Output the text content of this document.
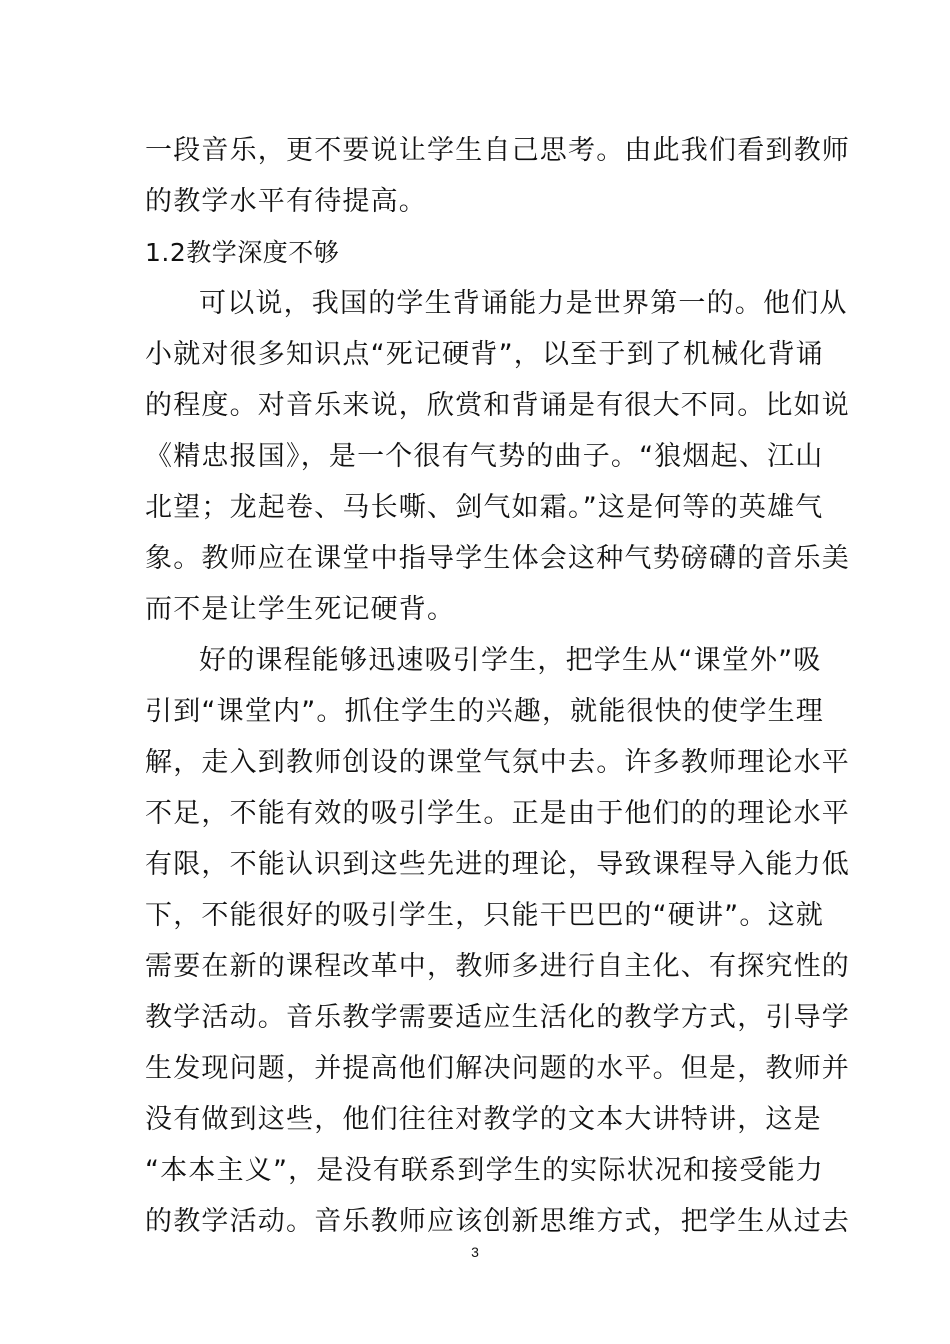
一段音乐，更不要说让学生自己思考。由此我们看到教师
的教学水平有待提高。
1.2教学深度不够
可以说，我国的学生背诵能力是世界第一的。他们从
小就对很多知识点“死记硬背”，以至于到了机械化背诵
的程度。对音乐来说，欣赏和背诵是有很大不同。比如说
《精忠报国》，是一个很有气势的曲子。“狼烟起、江山
北望；龙起卷、马长嘶、剑气如霜。”这是何等的英雄气
象。教师应在课堂中指导学生体会这种气势磅礴的音乐美
而不是让学生死记硬背。
好的课程能够迅速吸引学生，把学生从“课堂外”吸
引到“课堂内”。抓住学生的兴趣，就能很快的使学生理
解，走入到教师创设的课堂气氛中去。许多教师理论水平
不足，不能有效的吸引学生。正是由于他们的的理论水平
有限，不能认识到这些先进的理论，导致课程导入能力低
下，不能很好的吸引学生，只能干巴巴的“硬讲”。这就
需要在新的课程改革中，教师多进行自主化、有探究性的
教学活动。音乐教学需要适应生活化的教学方式，引导学
生发现问题，并提高他们解决问题的水平。但是，教师并
没有做到这些，他们往往对教学的文本大讲特讲，这是
“本本主义”，是没有联系到学生的实际状况和接受能力
的教学活动。音乐教师应该创新思维方式，把学生从过去
3
